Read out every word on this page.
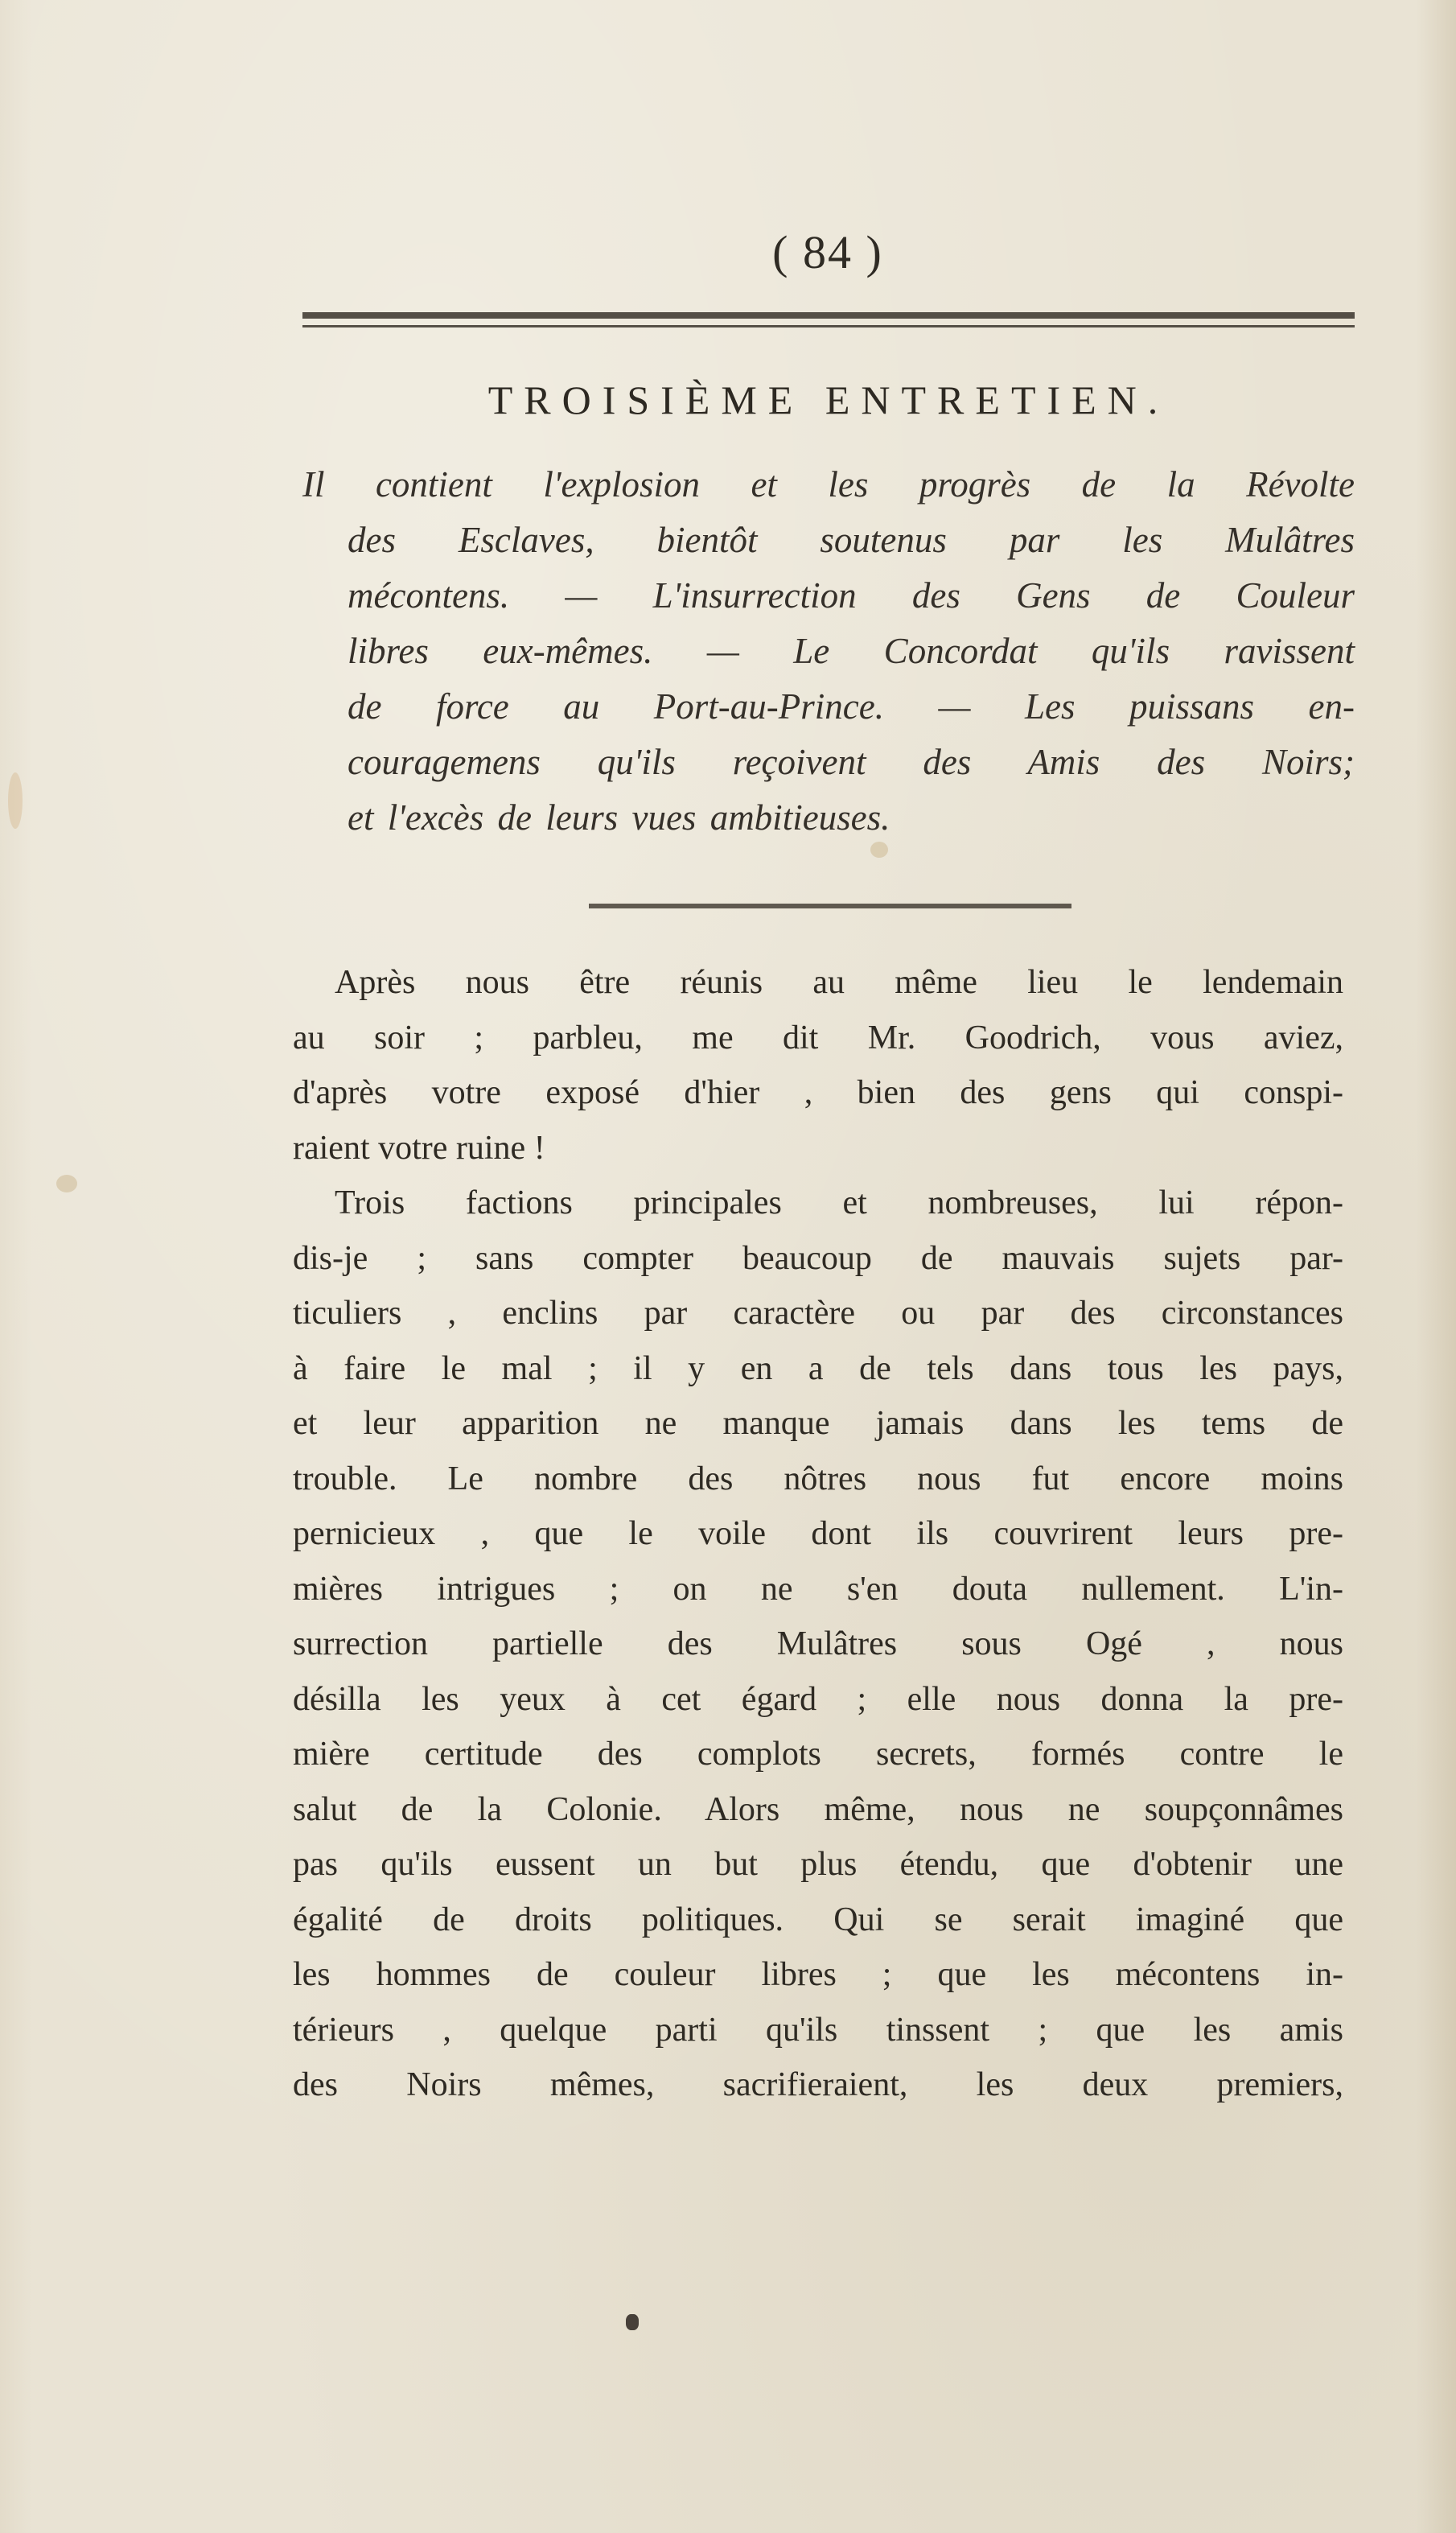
( 84 )
TROISIÈME ENTRETIEN.
Il contient l'explosion et les progrès de la Révolte
des Esclaves, bientôt soutenus par les Mulâtres
mécontens. — L'insurrection des Gens de Couleur
libres eux-mêmes. — Le Concordat qu'ils ravissent
de force au Port-au-Prince. — Les puissans en-
couragemens qu'ils reçoivent des Amis des Noirs;
et l'excès de leurs vues ambitieuses.
Après nous être réunis au même lieu le lendemain
au soir ; parbleu, me dit Mr. Goodrich, vous aviez,
d'après votre exposé d'hier , bien des gens qui conspi-
raient votre ruine !
Trois factions principales et nombreuses, lui répon-
dis-je ; sans compter beaucoup de mauvais sujets par-
ticuliers , enclins par caractère ou par des circonstances
à faire le mal ; il y en a de tels dans tous les pays,
et leur apparition ne manque jamais dans les tems de
trouble. Le nombre des nôtres nous fut encore moins
pernicieux , que le voile dont ils couvrirent leurs pre-
mières intrigues ; on ne s'en douta nullement. L'in-
surrection partielle des Mulâtres sous Ogé , nous
désilla les yeux à cet égard ; elle nous donna la pre-
mière certitude des complots secrets, formés contre le
salut de la Colonie. Alors même, nous ne soupçonnâmes
pas qu'ils eussent un but plus étendu, que d'obtenir une
égalité de droits politiques. Qui se serait imaginé que
les hommes de couleur libres ; que les mécontens in-
térieurs , quelque parti qu'ils tinssent ; que les amis
des Noirs mêmes, sacrifieraient, les deux premiers,
